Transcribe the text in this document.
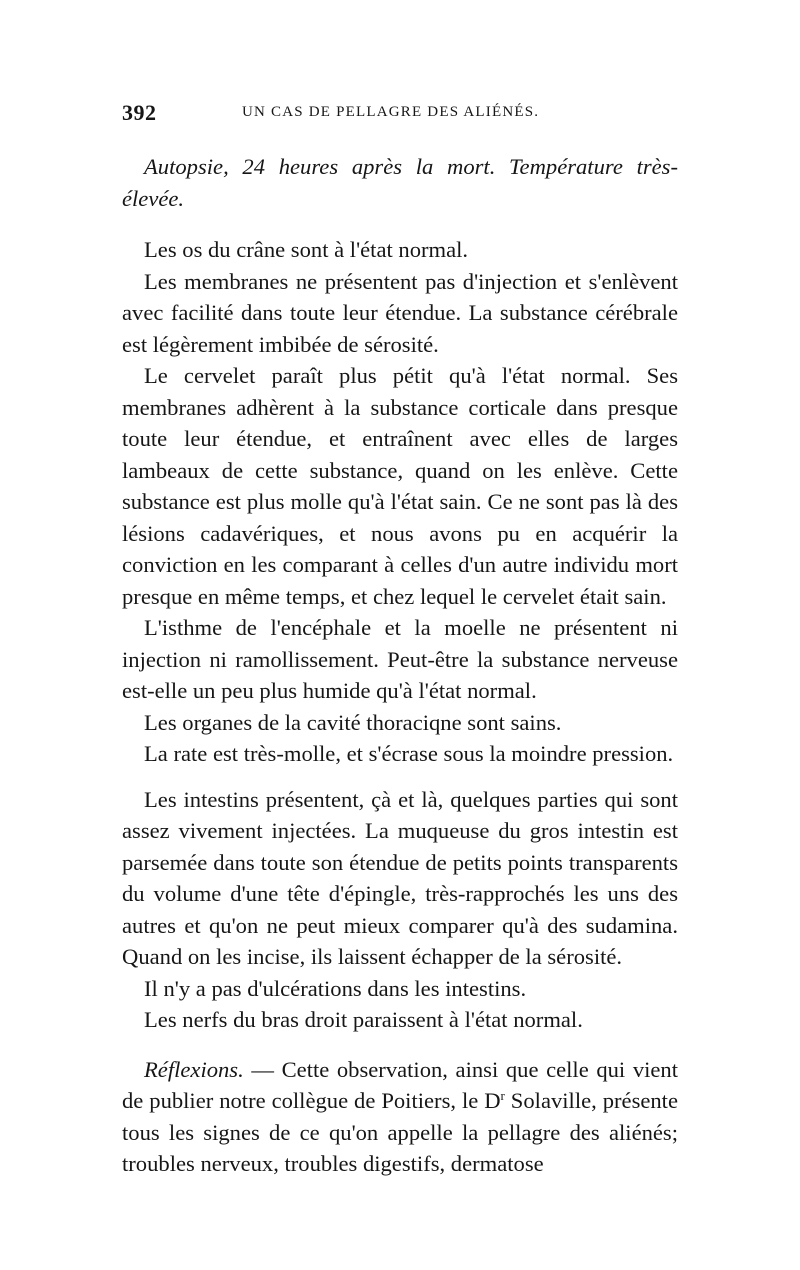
392	UN CAS DE PELLAGRE DES ALIÉNÉS.

Autopsie, 24 heures après la mort. Température très-élevée.

Les os du crâne sont à l'état normal.

Les membranes ne présentent pas d'injection et s'enlèvent avec facilité dans toute leur étendue. La substance cérébrale est légèrement imbibée de sérosité.

Le cervelet paraît plus pétit qu'à l'état normal. Ses membranes adhèrent à la substance corticale dans presque toute leur étendue, et entraînent avec elles de larges lambeaux de cette substance, quand on les enlève. Cette substance est plus molle qu'à l'état sain. Ce ne sont pas là des lésions cadavériques, et nous avons pu en acquérir la conviction en les comparant à celles d'un autre individu mort presque en même temps, et chez lequel le cervelet était sain.

L'isthme de l'encéphale et la moelle ne présentent ni injection ni ramollissement. Peut-être la substance nerveuse est-elle un peu plus humide qu'à l'état normal.

Les organes de la cavité thoraciqne sont sains.

La rate est très-molle, et s'écrase sous la moindre pression.

Les intestins présentent, çà et là, quelques parties qui sont assez vivement injectées. La muqueuse du gros intestin est parsemée dans toute son étendue de petits points transparents du volume d'une tête d'épingle, très-rapprochés les uns des autres et qu'on ne peut mieux comparer qu'à des sudamina. Quand on les incise, ils laissent échapper de la sérosité.

Il n'y a pas d'ulcérations dans les intestins.

Les nerfs du bras droit paraissent à l'état normal.

Réflexions. — Cette observation, ainsi que celle qui vient de publier notre collègue de Poitiers, le $D^r$ Solaville, présente tous les signes de ce qu'on appelle la pellagre des aliénés; troubles nerveux, troubles digestifs, dermatose
